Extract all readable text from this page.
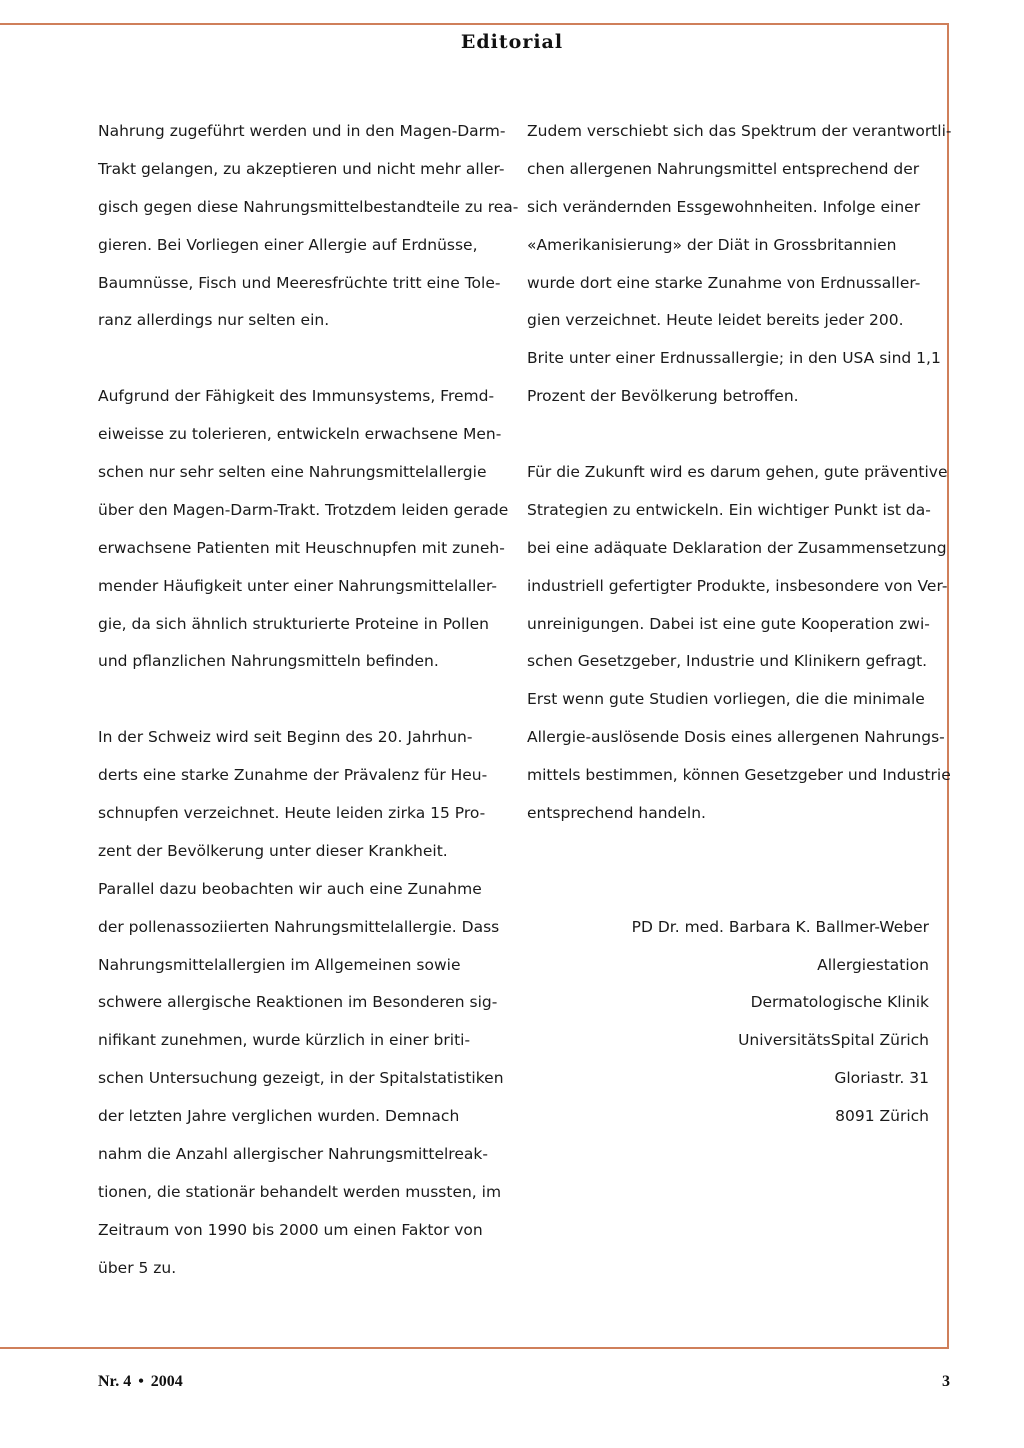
Editorial
Nahrung zugeführt werden und in den Magen-Darm-
Trakt gelangen, zu akzeptieren und nicht mehr aller-
gisch gegen diese Nahrungsmittelbestandteile zu rea-
gieren. Bei Vorliegen einer Allergie auf Erdnüsse,
Baumnüsse, Fisch und Meeresfrüchte tritt eine Tole-
ranz allerdings nur selten ein.
Aufgrund der Fähigkeit des Immunsystems, Fremd-
eiweisse zu tolerieren, entwickeln erwachsene Men-
schen nur sehr selten eine Nahrungsmittelallergie
über den Magen-Darm-Trakt. Trotzdem leiden gerade
erwachsene Patienten mit Heuschnupfen mit zuneh-
mender Häufigkeit unter einer Nahrungsmittelaller-
gie, da sich ähnlich strukturierte Proteine in Pollen
und pflanzlichen Nahrungsmitteln befinden.
In der Schweiz wird seit Beginn des 20. Jahrhun-
derts eine starke Zunahme der Prävalenz für Heu-
schnupfen verzeichnet. Heute leiden zirka 15 Pro-
zent der Bevölkerung unter dieser Krankheit.
Parallel dazu beobachten wir auch eine Zunahme
der pollenassoziierten Nahrungsmittelallergie. Dass
Nahrungsmittelallergien im Allgemeinen sowie
schwere allergische Reaktionen im Besonderen sig-
nifikant zunehmen, wurde kürzlich in einer briti-
schen Untersuchung gezeigt, in der Spitalstatistiken
der letzten Jahre verglichen wurden. Demnach
nahm die Anzahl allergischer Nahrungsmittelreak-
tionen, die stationär behandelt werden mussten, im
Zeitraum von 1990 bis 2000 um einen Faktor von
über 5 zu.
Zudem verschiebt sich das Spektrum der verantwortli-
chen allergenen Nahrungsmittel entsprechend der
sich verändernden Essgewohnheiten. Infolge einer
«Amerikanisierung» der Diät in Grossbritannien
wurde dort eine starke Zunahme von Erdnussaller-
gien verzeichnet. Heute leidet bereits jeder 200.
Brite unter einer Erdnussallergie; in den USA sind 1,1
Prozent der Bevölkerung betroffen.
Für die Zukunft wird es darum gehen, gute präventive
Strategien zu entwickeln. Ein wichtiger Punkt ist da-
bei eine adäquate Deklaration der Zusammensetzung
industriell gefertigter Produkte, insbesondere von Ver-
unreinigungen. Dabei ist eine gute Kooperation zwi-
schen Gesetzgeber, Industrie und Klinikern gefragt.
Erst wenn gute Studien vorliegen, die die minimale
Allergie-auslösende Dosis eines allergenen Nahrungs-
mittels bestimmen, können Gesetzgeber und Industrie
entsprechend handeln.
PD Dr. med. Barbara K. Ballmer-Weber
Allergiestation
Dermatologische Klinik
UniversitätsSpital Zürich
Gloriastr. 31
8091 Zürich
Nr. 4 • 2004	3
